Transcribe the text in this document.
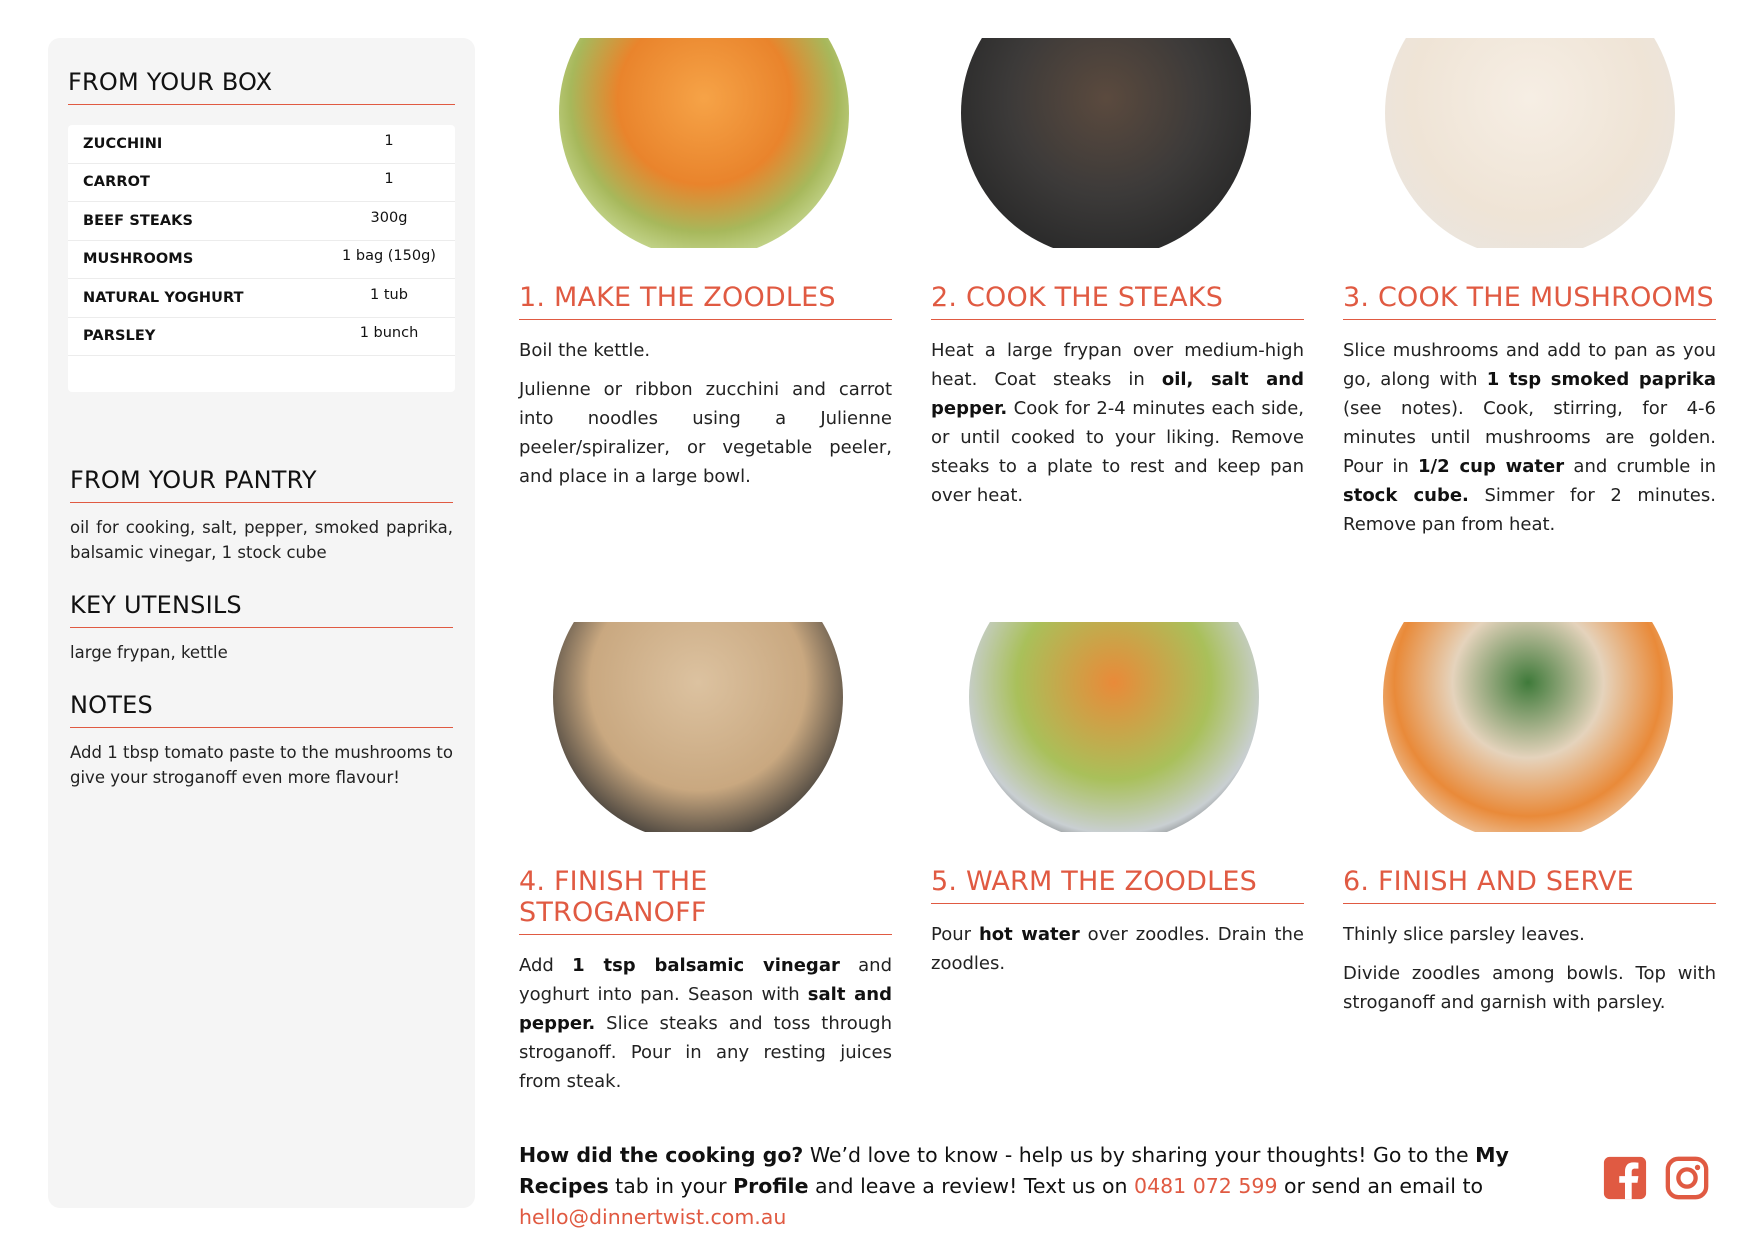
FROM YOUR BOX
ZUCCHINI	1
CARROT	1
BEEF STEAKS	300g
MUSHROOMS	1 bag (150g)
NATURAL YOGHURT	1 tub
PARSLEY	1 bunch
FROM YOUR PANTRY
oil for cooking, salt, pepper, smoked paprika, balsamic vinegar, 1 stock cube
KEY UTENSILS
large frypan, kettle
NOTES
Add 1 tbsp tomato paste to the mushrooms to give your stroganoff even more flavour!
1. MAKE THE ZOODLES

Boil the kettle.

Julienne or ribbon zucchini and carrot into noodles using a Julienne peeler/spiralizer, or vegetable peeler, and place in a large bowl.

2. COOK THE STEAKS

Heat a large frypan over medium-high heat. Coat steaks in oil, salt and pepper. Cook for 2-4 minutes each side, or until cooked to your liking. Remove steaks to a plate to rest and keep pan over heat.

3. COOK THE MUSHROOMS

Slice mushrooms and add to pan as you go, along with 1 tsp smoked paprika (see notes). Cook, stirring, for 4-6 minutes until mushrooms are golden. Pour in 1/2 cup water and crumble in stock cube. Simmer for 2 minutes. Remove pan from heat.

4. FINISH THE STROGANOFF

Add 1 tsp balsamic vinegar and yoghurt into pan. Season with salt and pepper. Slice steaks and toss through stroganoff. Pour in any resting juices from steak.

5. WARM THE ZOODLES

Pour hot water over zoodles. Drain the zoodles.

6. FINISH AND SERVE

Thinly slice parsley leaves.

Divide zoodles among bowls. Top with stroganoff and garnish with parsley.

How did the cooking go? We’d love to know - help us by sharing your thoughts! Go to the My Recipes tab in your Profile and leave a review! Text us on 0481 072 599 or send an email to hello@dinnertwist.com.au
